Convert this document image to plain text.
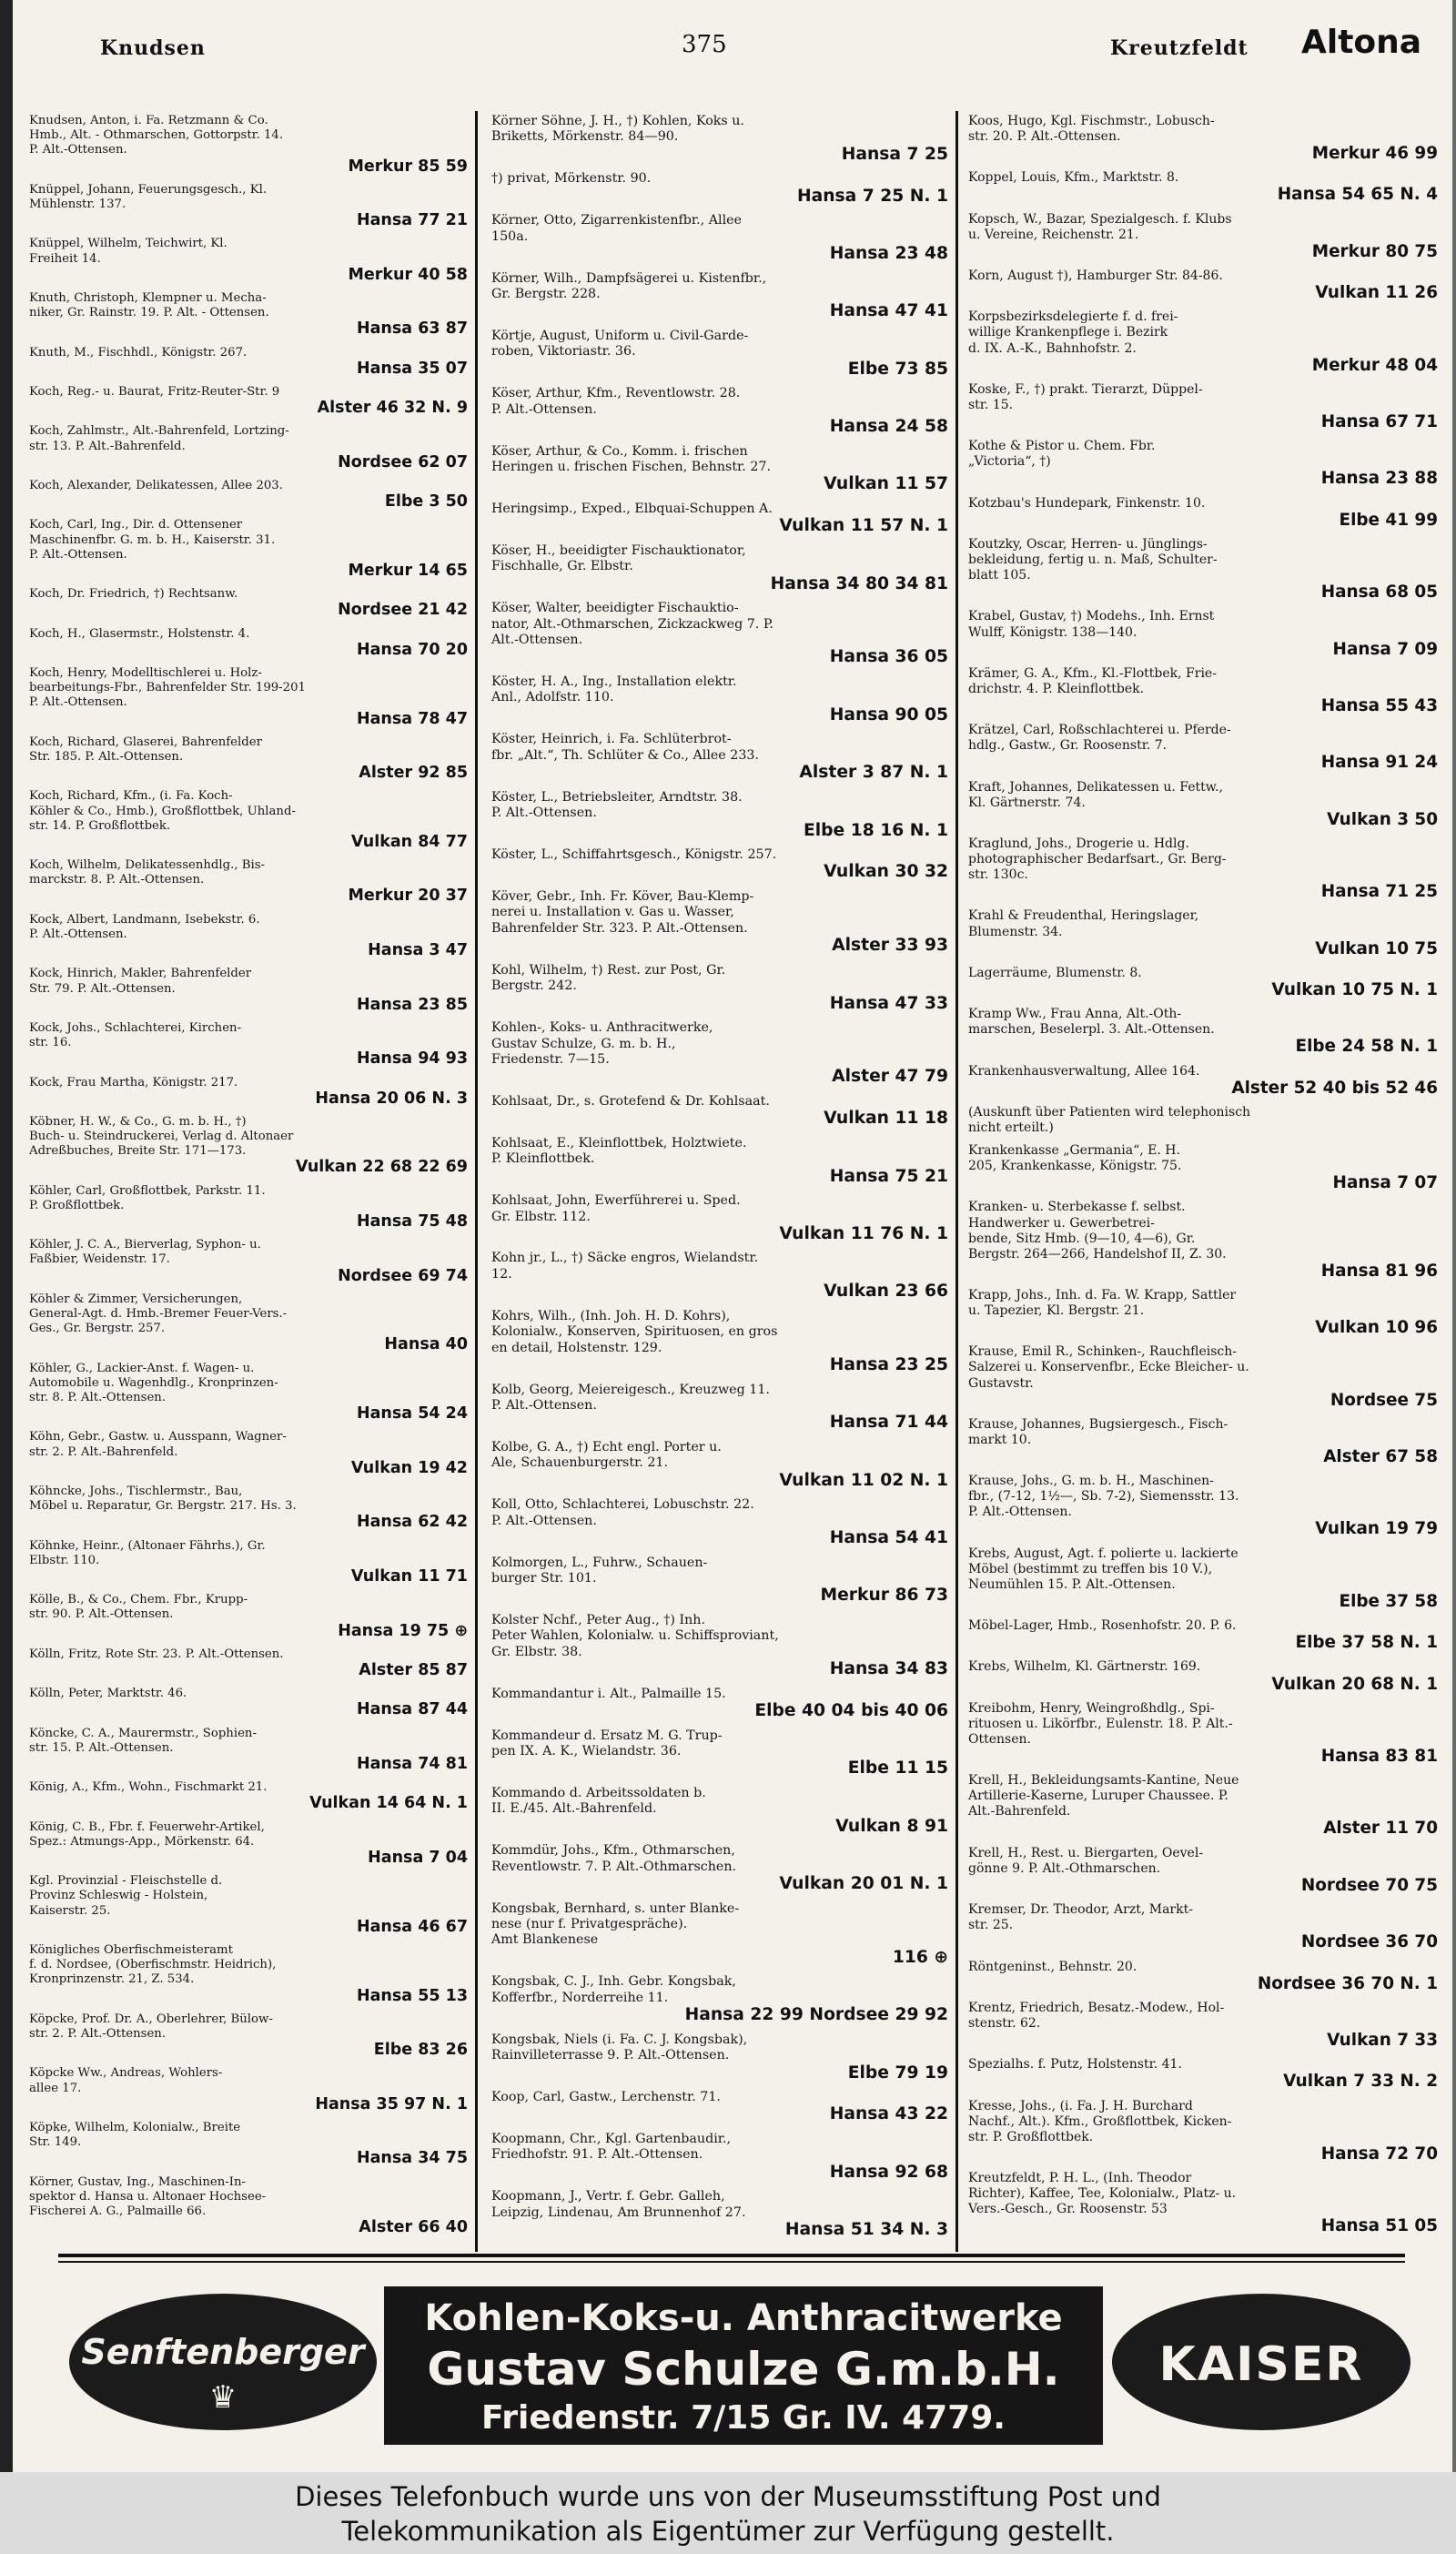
Knudsen	375	Kreutzfeldt Altona
Knudsen, Anton, i. Fa. Retzmann & Co.
Hmb., Alt. - Othmarschen, Gottorpstr. 14.
P. Alt.-Ottensen.
Merkur 85 59
Knüppel, Johann, Feuerungsgesch., Kl.
Mühlenstr. 137.
Hansa 77 21
Knüppel, Wilhelm, Teichwirt, Kl.
Freiheit 14.
Merkur 40 58
Knuth, Christoph, Klempner u. Mecha-
niker, Gr. Rainstr. 19. P. Alt. - Ottensen.
Hansa 63 87
Knuth, M., Fischhdl., Königstr. 267.
Hansa 35 07
Koch, Reg.- u. Baurat, Fritz-Reuter-Str. 9
Alster 46 32 N. 9
Koch, Zahlmstr., Alt.-Bahrenfeld, Lortzing-
str. 13. P. Alt.-Bahrenfeld.
Nordsee 62 07
Koch, Alexander, Delikatessen, Allee 203.
Elbe 3 50
Koch, Carl, Ing., Dir. d. Ottensener
Maschinenfbr. G. m. b. H., Kaiserstr. 31.
P. Alt.-Ottensen.
Merkur 14 65
Koch, Dr. Friedrich, †) Rechtsanw.
Nordsee 21 42
Koch, H., Glasermstr., Holstenstr. 4.
Hansa 70 20
Koch, Henry, Modelltischlerei u. Holz-
bearbeitungs-Fbr., Bahrenfelder Str. 199-201
P. Alt.-Ottensen.
Hansa 78 47
Koch, Richard, Glaserei, Bahrenfelder
Str. 185. P. Alt.-Ottensen.
Alster 92 85
Koch, Richard, Kfm., (i. Fa. Koch-
Köhler & Co., Hmb.), Großflottbek, Uhland-
str. 14. P. Großflottbek.
Vulkan 84 77
Koch, Wilhelm, Delikatessenhdlg., Bis-
marckstr. 8. P. Alt.-Ottensen.
Merkur 20 37
Kock, Albert, Landmann, Isebekstr. 6.
P. Alt.-Ottensen.
Hansa 3 47
Kock, Hinrich, Makler, Bahrenfelder
Str. 79. P. Alt.-Ottensen.
Hansa 23 85
Kock, Johs., Schlachterei, Kirchen-
str. 16.
Hansa 94 93
Kock, Frau Martha, Königstr. 217.
Hansa 20 06 N. 3
Köbner, H. W., & Co., G. m. b. H., †)
Buch- u. Steindruckerei, Verlag d. Altonaer
Adreßbuches, Breite Str. 171—173.
Vulkan 22 68 22 69
Köhler, Carl, Großflottbek, Parkstr. 11.
P. Großflottbek.
Hansa 75 48
Köhler, J. C. A., Bierverlag, Syphon- u.
Faßbier, Weidenstr. 17.
Nordsee 69 74
Köhler & Zimmer, Versicherungen,
General-Agt. d. Hmb.-Bremer Feuer-Vers.-
Ges., Gr. Bergstr. 257.
Hansa 40
Köhler, G., Lackier-Anst. f. Wagen- u.
Automobile u. Wagenhdlg., Kronprinzen-
str. 8. P. Alt.-Ottensen.
Hansa 54 24
Köhn, Gebr., Gastw. u. Ausspann, Wagner-
str. 2. P. Alt.-Bahrenfeld.
Vulkan 19 42
Köhncke, Johs., Tischlermstr., Bau,
Möbel u. Reparatur, Gr. Bergstr. 217. Hs. 3.
Hansa 62 42
Köhnke, Heinr., (Altonaer Fährhs.), Gr.
Elbstr. 110.
Vulkan 11 71
Kölle, B., & Co., Chem. Fbr., Krupp-
str. 90. P. Alt.-Ottensen.
Hansa 19 75 ⊕
Kölln, Fritz, Rote Str. 23. P. Alt.-Ottensen.
Alster 85 87
Kölln, Peter, Marktstr. 46.
Hansa 87 44
Köncke, C. A., Maurermstr., Sophien-
str. 15. P. Alt.-Ottensen.
Hansa 74 81
König, A., Kfm., Wohn., Fischmarkt 21.
Vulkan 14 64 N. 1
König, C. B., Fbr. f. Feuerwehr-Artikel,
Spez.: Atmungs-App., Mörkenstr. 64.
Hansa 7 04
Kgl. Provinzial - Fleischstelle d.
Provinz Schleswig - Holstein,
Kaiserstr. 25.
Hansa 46 67
Königliches Oberfischmeisteramt
f. d. Nordsee, (Oberfischmstr. Heidrich),
Kronprinzenstr. 21, Z. 534.
Hansa 55 13
Köpcke, Prof. Dr. A., Oberlehrer, Bülow-
str. 2. P. Alt.-Ottensen.
Elbe 83 26
Köpcke Ww., Andreas, Wohlers-
allee 17.
Hansa 35 97 N. 1
Köpke, Wilhelm, Kolonialw., Breite
Str. 149.
Hansa 34 75
Körner, Gustav, Ing., Maschinen-In-
spektor d. Hansa u. Altonaer Hochsee-
Fischerei A. G., Palmaille 66.
Alster 66 40
Körner Söhne, J. H., †) Kohlen, Koks u.
Briketts, Mörkenstr. 84—90.
Hansa 7 25
†) privat, Mörkenstr. 90.
Hansa 7 25 N. 1
Körner, Otto, Zigarrenkistenfbr., Allee
150a.
Hansa 23 48
Körner, Wilh., Dampfsägerei u. Kistenfbr.,
Gr. Bergstr. 228.
Hansa 47 41
Körtje, August, Uniform u. Civil-Garde-
roben, Viktoriastr. 36.
Elbe 73 85
Köser, Arthur, Kfm., Reventlowstr. 28.
P. Alt.-Ottensen.
Hansa 24 58
Köser, Arthur, & Co., Komm. i. frischen
Heringen u. frischen Fischen, Behnstr. 27.
Vulkan 11 57
Heringsimp., Exped., Elbquai-Schuppen A.
Vulkan 11 57 N. 1
Köser, H., beeidigter Fischauktionator,
Fischhalle, Gr. Elbstr.
Hansa 34 80 34 81
Köser, Walter, beeidigter Fischauktio-
nator, Alt.-Othmarschen, Zickzackweg 7. P.
Alt.-Ottensen.
Hansa 36 05
Köster, H. A., Ing., Installation elektr.
Anl., Adolfstr. 110.
Hansa 90 05
Köster, Heinrich, i. Fa. Schlüterbrot-
fbr. „Alt.“, Th. Schlüter & Co., Allee 233.
Alster 3 87 N. 1
Köster, L., Betriebsleiter, Arndtstr. 38.
P. Alt.-Ottensen.
Elbe 18 16 N. 1
Köster, L., Schiffahrtsgesch., Königstr. 257.
Vulkan 30 32
Köver, Gebr., Inh. Fr. Köver, Bau-Klemp-
nerei u. Installation v. Gas u. Wasser,
Bahrenfelder Str. 323. P. Alt.-Ottensen.
Alster 33 93
Kohl, Wilhelm, †) Rest. zur Post, Gr.
Bergstr. 242.
Hansa 47 33
Kohlen-, Koks- u. Anthracitwerke,
Gustav Schulze, G. m. b. H.,
Friedenstr. 7—15.
Alster 47 79
Kohlsaat, Dr., s. Grotefend & Dr. Kohlsaat.
Vulkan 11 18
Kohlsaat, E., Kleinflottbek, Holztwiete.
P. Kleinflottbek.
Hansa 75 21
Kohlsaat, John, Ewerführerei u. Sped.
Gr. Elbstr. 112.
Vulkan 11 76 N. 1
Kohn jr., L., †) Säcke engros, Wielandstr.
12.
Vulkan 23 66
Kohrs, Wilh., (Inh. Joh. H. D. Kohrs),
Kolonialw., Konserven, Spirituosen, en gros
en detail, Holstenstr. 129.
Hansa 23 25
Kolb, Georg, Meiereigesch., Kreuzweg 11.
P. Alt.-Ottensen.
Hansa 71 44
Kolbe, G. A., †) Echt engl. Porter u.
Ale, Schauenburgerstr. 21.
Vulkan 11 02 N. 1
Koll, Otto, Schlachterei, Lobuschstr. 22.
P. Alt.-Ottensen.
Hansa 54 41
Kolmorgen, L., Fuhrw., Schauen-
burger Str. 101.
Merkur 86 73
Kolster Nchf., Peter Aug., †) Inh.
Peter Wahlen, Kolonialw. u. Schiffsproviant,
Gr. Elbstr. 38.
Hansa 34 83
Kommandantur i. Alt., Palmaille 15.
Elbe 40 04 bis 40 06
Kommandeur d. Ersatz M. G. Trup-
pen IX. A. K., Wielandstr. 36.
Elbe 11 15
Kommando d. Arbeitssoldaten b.
II. E./45. Alt.-Bahrenfeld.
Vulkan 8 91
Kommdür, Johs., Kfm., Othmarschen,
Reventlowstr. 7. P. Alt.-Othmarschen.
Vulkan 20 01 N. 1
Kongsbak, Bernhard, s. unter Blanke-
nese (nur f. Privatgespräche).
Amt Blankenese
116 ⊕
Kongsbak, C. J., Inh. Gebr. Kongsbak,
Kofferfbr., Norderreihe 11.
Hansa 22 99 Nordsee 29 92
Kongsbak, Niels (i. Fa. C. J. Kongsbak),
Rainvilleterrasse 9. P. Alt.-Ottensen.
Elbe 79 19
Koop, Carl, Gastw., Lerchenstr. 71.
Hansa 43 22
Koopmann, Chr., Kgl. Gartenbaudir.,
Friedhofstr. 91. P. Alt.-Ottensen.
Hansa 92 68
Koopmann, J., Vertr. f. Gebr. Galleh,
Leipzig, Lindenau, Am Brunnenhof 27.
Hansa 51 34 N. 3
Koos, Hugo, Kgl. Fischmstr., Lobusch-
str. 20. P. Alt.-Ottensen.
Merkur 46 99
Koppel, Louis, Kfm., Marktstr. 8.
Hansa 54 65 N. 4
Kopsch, W., Bazar, Spezialgesch. f. Klubs
u. Vereine, Reichenstr. 21.
Merkur 80 75
Korn, August †), Hamburger Str. 84-86.
Vulkan 11 26
Korpsbezirksdelegierte f. d. frei-
willige Krankenpflege i. Bezirk
d. IX. A.-K., Bahnhofstr. 2.
Merkur 48 04
Koske, F., †) prakt. Tierarzt, Düppel-
str. 15.
Hansa 67 71
Kothe & Pistor u. Chem. Fbr.
„Victoria“, †)
Hansa 23 88
Kotzbau's Hundepark, Finkenstr. 10.
Elbe 41 99
Koutzky, Oscar, Herren- u. Jünglings-
bekleidung, fertig u. n. Maß, Schulter-
blatt 105.
Hansa 68 05
Krabel, Gustav, †) Modehs., Inh. Ernst
Wulff, Königstr. 138—140.
Hansa 7 09
Krämer, G. A., Kfm., Kl.-Flottbek, Frie-
drichstr. 4. P. Kleinflottbek.
Hansa 55 43
Krätzel, Carl, Roßschlachterei u. Pferde-
hdlg., Gastw., Gr. Roosenstr. 7.
Hansa 91 24
Kraft, Johannes, Delikatessen u. Fettw.,
Kl. Gärtnerstr. 74.
Vulkan 3 50
Kraglund, Johs., Drogerie u. Hdlg.
photographischer Bedarfsart., Gr. Berg-
str. 130c.
Hansa 71 25
Krahl & Freudenthal, Heringslager,
Blumenstr. 34.
Vulkan 10 75
Lagerräume, Blumenstr. 8.
Vulkan 10 75 N. 1
Kramp Ww., Frau Anna, Alt.-Oth-
marschen, Beselerpl. 3. Alt.-Ottensen.
Elbe 24 58 N. 1
Krankenhausverwaltung, Allee 164.
Alster 52 40 bis 52 46
(Auskunft über Patienten wird telephonisch
nicht erteilt.)
Krankenkasse „Germania“, E. H.
205, Krankenkasse, Königstr. 75.
Hansa 7 07
Kranken- u. Sterbekasse f. selbst.
Handwerker u. Gewerbetrei-
bende, Sitz Hmb. (9—10, 4—6), Gr.
Bergstr. 264—266, Handelshof II, Z. 30.
Hansa 81 96
Krapp, Johs., Inh. d. Fa. W. Krapp, Sattler
u. Tapezier, Kl. Bergstr. 21.
Vulkan 10 96
Krause, Emil R., Schinken-, Rauchfleisch-
Salzerei u. Konservenfbr., Ecke Bleicher- u.
Gustavstr.
Nordsee 75
Krause, Johannes, Bugsiergesch., Fisch-
markt 10.
Alster 67 58
Krause, Johs., G. m. b. H., Maschinen-
fbr., (7-12, 1½—, Sb. 7-2), Siemensstr. 13.
P. Alt.-Ottensen.
Vulkan 19 79
Krebs, August, Agt. f. polierte u. lackierte
Möbel (bestimmt zu treffen bis 10 V.),
Neumühlen 15. P. Alt.-Ottensen.
Elbe 37 58
Möbel-Lager, Hmb., Rosenhofstr. 20. P. 6.
Elbe 37 58 N. 1
Krebs, Wilhelm, Kl. Gärtnerstr. 169.
Vulkan 20 68 N. 1
Kreibohm, Henry, Weingroßhdlg., Spi-
rituosen u. Likörfbr., Eulenstr. 18. P. Alt.-
Ottensen.
Hansa 83 81
Krell, H., Bekleidungsamts-Kantine, Neue
Artillerie-Kaserne, Luruper Chaussee. P.
Alt.-Bahrenfeld.
Alster 11 70
Krell, H., Rest. u. Biergarten, Oevel-
gönne 9. P. Alt.-Othmarschen.
Nordsee 70 75
Kremser, Dr. Theodor, Arzt, Markt-
str. 25.
Nordsee 36 70
Röntgeninst., Behnstr. 20.
Nordsee 36 70 N. 1
Krentz, Friedrich, Besatz.-Modew., Hol-
stenstr. 62.
Vulkan 7 33
Spezialhs. f. Putz, Holstenstr. 41.
Vulkan 7 33 N. 2
Kresse, Johs., (i. Fa. J. H. Burchard
Nachf., Alt.). Kfm., Großflottbek, Kicken-
str. P. Großflottbek.
Hansa 72 70
Kreutzfeldt, P. H. L., (Inh. Theodor
Richter), Kaffee, Tee, Kolonialw., Platz- u.
Vers.-Gesch., Gr. Roosenstr. 53
Hansa 51 05
Senftenberger
♛
Kohlen-Koks-u. Anthracitwerke
Gustav Schulze G.m.b.H.
Friedenstr. 7/15 Gr. IV. 4779.
KAISER
Dieses Telefonbuch wurde uns von der Museumsstiftung Post und
Telekommunikation als Eigentümer zur Verfügung gestellt.
